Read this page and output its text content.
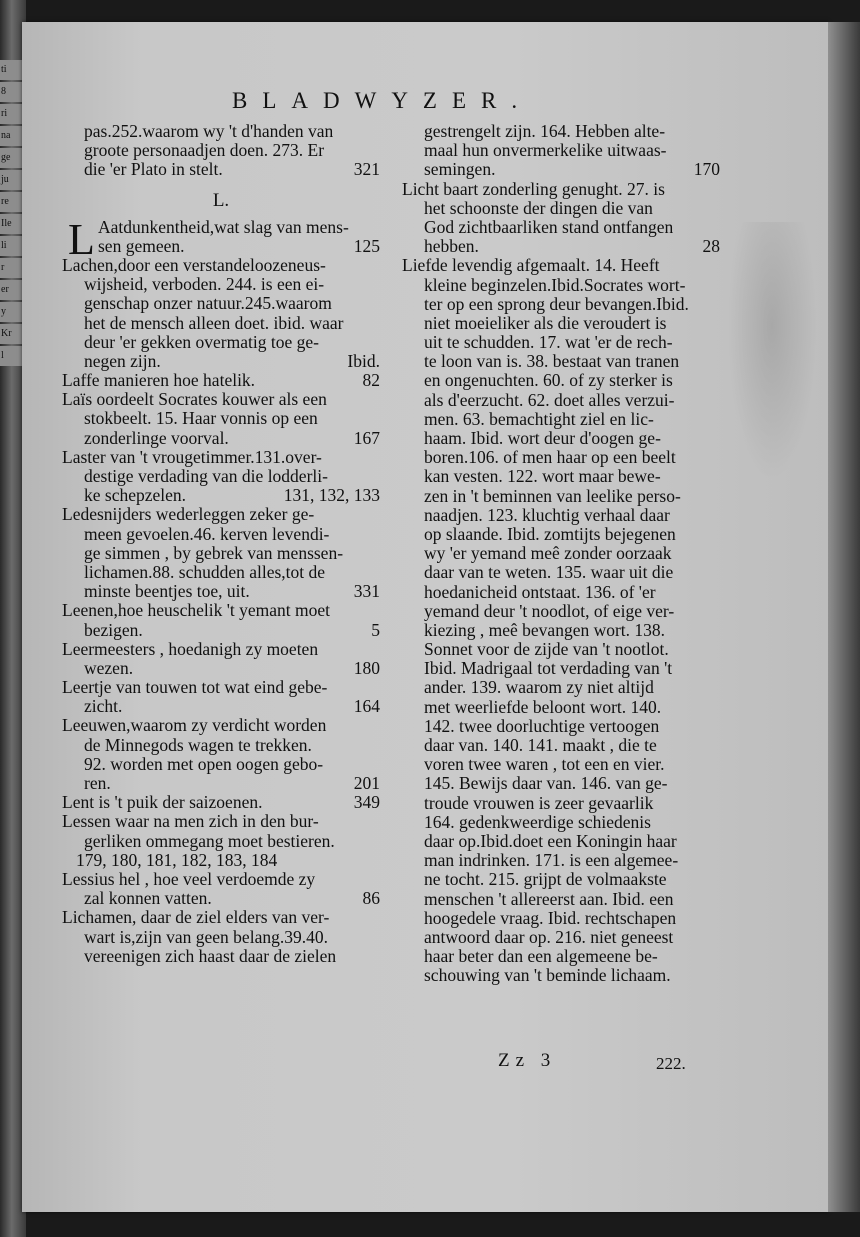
ti
8
ri
na
ge
ju
re
Ile
li
r
er
y
Kr
l
BLADWYZER.
pas.252.waarom wy 't d'handen van
groote personaadjen doen. 273. Er
die 'er Plato in stelt.	321
L.
L Aatdunkentheid,wat slag van mens-
sen gemeen.	125
Lachen,door een verstandeloozeneus-
wijsheid, verboden. 244. is een ei-
genschap onzer natuur.245.waarom
het de mensch alleen doet. ibid. waar
deur 'er gekken overmatig toe ge-
negen zijn.	Ibid.
Laffe manieren hoe hatelik.	82
Laïs oordeelt Socrates kouwer als een
stokbeelt. 15. Haar vonnis op een
zonderlinge voorval.	167
Laster van 't vrougetimmer.131.over-
destige verdading van die lodderli-
ke schepzelen.	131, 132, 133
Ledesnijders wederleggen zeker ge-
meen gevoelen.46. kerven levendi-
ge simmen , by gebrek van menssen-
lichamen.88. schudden alles,tot de
minste beentjes toe, uit.	331
Leenen,hoe heuschelik 't yemant moet
bezigen.	5
Leermeesters , hoedanigh zy moeten
wezen.	180
Leertje van touwen tot wat eind gebe-
zicht.	164
Leeuwen,waarom zy verdicht worden
de Minnegods wagen te trekken.
92. worden met open oogen gebo-
ren.	201
Lent is 't puik der saizoenen.	349
Lessen waar na men zich in den bur-
gerliken ommegang moet bestieren.
179, 180, 181, 182, 183, 184
Lessius hel , hoe veel verdoemde zy
zal konnen vatten.	86
Lichamen, daar de ziel elders van ver-
wart is,zijn van geen belang.39.40.
vereenigen zich haast daar de zielen
gestrengelt zijn. 164. Hebben alte-
maal hun onvermerkelike uitwaas-
semingen.	170
Licht baart zonderling genught. 27. is
het schoonste der dingen die van
God zichtbaarliken stand ontfangen
hebben.	28
Liefde levendig afgemaalt. 14. Heeft
kleine beginzelen.Ibid.Socrates wort-
ter op een sprong deur bevangen.Ibid.
niet moeieliker als die veroudert is
uit te schudden. 17. wat 'er de rech-
te loon van is. 38. bestaat van tranen
en ongenuchten. 60. of zy sterker is
als d'eerzucht. 62. doet alles verzui-
men. 63. bemachtight ziel en lic-
haam. Ibid. wort deur d'oogen ge-
boren.106. of men haar op een beelt
kan vesten. 122. wort maar bewe-
zen in 't beminnen van leelike perso-
naadjen. 123. kluchtig verhaal daar
op slaande. Ibid. zomtijts bejegenen
wy 'er yemand meê zonder oorzaak
daar van te weten. 135. waar uit die
hoedanicheid ontstaat. 136. of 'er
yemand deur 't noodlot, of eige ver-
kiezing , meê bevangen wort. 138.
Sonnet voor de zijde van 't nootlot.
Ibid. Madrigaal tot verdading van 't
ander. 139. waarom zy niet altijd
met weerliefde beloont wort. 140.
142. twee doorluchtige vertoogen
daar van. 140. 141. maakt , die te
voren twee waren , tot een en vier.
145. Bewijs daar van. 146. van ge-
troude vrouwen is zeer gevaarlik
164. gedenkweerdige schiedenis
daar op.Ibid.doet een Koningin haar
man indrinken. 171. is een algemee-
ne tocht. 215. grijpt de volmaakste
menschen 't allereerst aan. Ibid. een
hoogedele vraag. Ibid. rechtschapen
antwoord daar op. 216. niet geneest
haar beter dan een algemeene be-
schouwing van 't beminde lichaam.
Zz 3	222.
